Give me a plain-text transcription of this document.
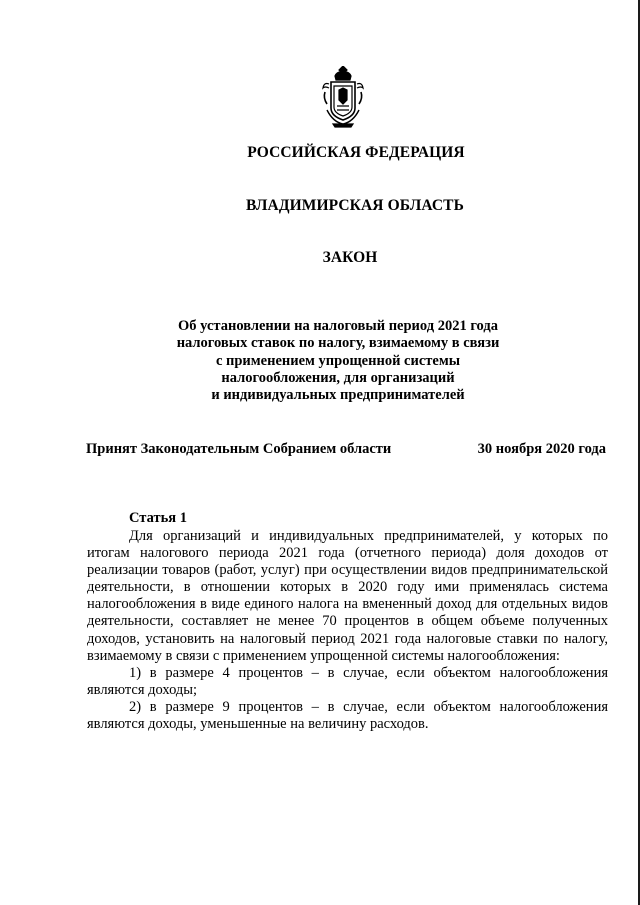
РОССИЙСКАЯ ФЕДЕРАЦИЯ
ВЛАДИМИРСКАЯ ОБЛАСТЬ
ЗАКОН
Об установлении на налоговый период 2021 года
налоговых ставок по налогу, взимаемому в связи
с применением упрощенной системы
налогообложения, для организаций
и индивидуальных предпринимателей
Принят Законодательным Собранием области	30 ноября 2020 года
Статья 1

Для организаций и индивидуальных предпринимателей, у которых по итогам налогового периода 2021 года (отчетного периода) доля доходов от реализации товаров (работ, услуг) при осуществлении видов предпринимательской деятельности, в отношении которых в 2020 году ими применялась система налогообложения в виде единого налога на вмененный доход для отдельных видов деятельности, составляет не менее 70 процентов в общем объеме полученных доходов, установить на налоговый период 2021 года налоговые ставки по налогу, взимаемому в связи с применением упрощенной системы налогообложения:

1) в размере 4 процентов – в случае, если объектом налогообложения являются доходы;

2) в размере 9 процентов – в случае, если объектом налогообложения являются доходы, уменьшенные на величину расходов.
